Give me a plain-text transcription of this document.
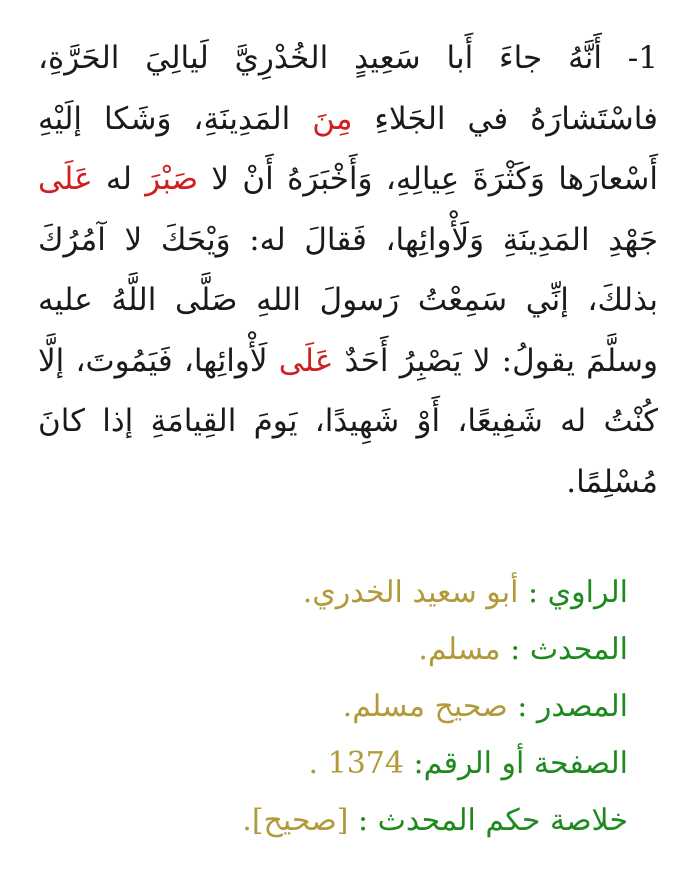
1- أَنَّهُ جاءَ أَبا سَعِيدٍ الخُدْرِيَّ لَيالِيَ الحَرَّةِ، فاسْتَشارَهُ في الجَلاءِ مِنَ المَدِينَةِ، وَشَكا إلَيْهِ أَسْعارَها وَكَثْرَةَ عِيالِهِ، وَأَخْبَرَهُ أَنْ لا صَبْرَ له عَلَى جَهْدِ المَدِينَةِ وَلَأْوائِها، فَقالَ له: وَيْحَكَ لا آمُرُكَ بذلكَ، إنِّي سَمِعْتُ رَسولَ اللهِ صَلَّى اللَّهُ عليه وسلَّمَ يقولُ: لا يَصْبِرُ أَحَدٌ عَلَى لَأْوائِها، فَيَمُوتَ، إلَّا كُنْتُ له شَفِيعًا، أَوْ شَهِيدًا، يَومَ القِيامَةِ إذا كانَ مُسْلِمًا.

الراوي : أبو سعيد الخدري.
المحدث : مسلم.
المصدر : صحيح مسلم.
الصفحة أو الرقم: 1374 .
خلاصة حكم المحدث : [صحيح].
